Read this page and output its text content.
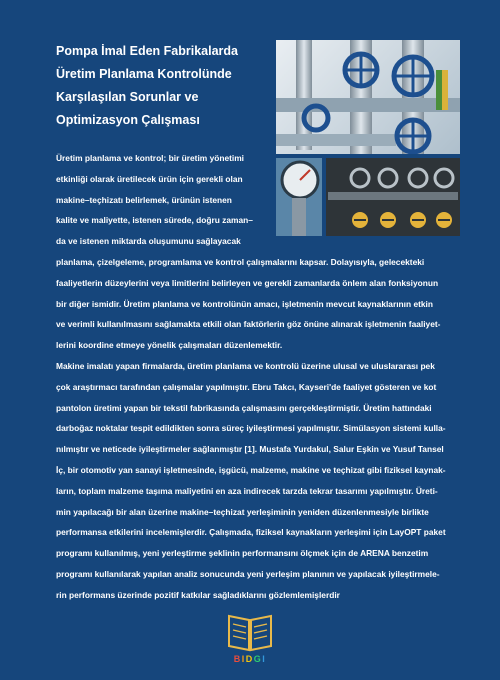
Pompa İmal Eden Fabrikalarda
Üretim Planlama Kontrolünde
Karşılaşılan Sorunlar ve
Optimizasyon Çalışması

Üretim planlama ve kontrol; bir üretim yönetimi
etkinliği olarak üretilecek ürün için gerekli olan
makine–teçhizatı belirlemek, ürünün istenen
kalite ve maliyette, istenen sürede, doğru zaman–
da ve istenen miktarda oluşumunu sağlayacak
planlama, çizelgeleme, programlama ve kontrol çalışmalarını kapsar. Dolayısıyla, gelecekteki
faaliyetlerin düzeylerini veya limitlerini belirleyen ve gerekli zamanlarda önlem alan fonksiyonun
bir diğer ismidir. Üretim planlama ve kontrolünün amacı, işletmenin mevcut kaynaklarının etkin
ve verimli kullanılmasını sağlamakta etkili olan faktörlerin göz önüne alınarak işletmenin faaliyet-
lerini koordine etmeye yönelik çalışmaları düzenlemektir.

Makine imalatı yapan firmalarda, üretim planlama ve kontrolü üzerine ulusal ve uluslararası pek
çok araştırmacı tarafından çalışmalar yapılmıştır. Ebru Takcı, Kayseri'de faaliyet gösteren ve kot
pantolon üretimi yapan bir tekstil fabrikasında çalışmasını gerçekleştirmiştir. Üretim hattındaki
darboğaz noktalar tespit edildikten sonra süreç iyileştirmesi yapılmıştır. Simülasyon sistemi kulla-
nılmıştır ve neticede iyileştirmeler sağlanmıştır [1]. Mustafa Yurdakul, Salur Eşkin ve Yusuf Tansel
İç, bir otomotiv yan sanayi işletmesinde, işgücü, malzeme, makine ve teçhizat gibi fiziksel kaynak-
ların, toplam malzeme taşıma maliyetini en aza indirecek tarzda tekrar tasarımı yapılmıştır. Üreti-
min yapılacağı bir alan üzerine makine–teçhizat yerleşiminin yeniden düzenlenmesiyle birlikte
performansa etkilerini incelemişlerdir. Çalışmada, fiziksel kaynakların yerleşimi için LayOPT paket
programı kullanılmış, yeni yerleştirme şeklinin performansını ölçmek için de ARENA benzetim
programı kullanılarak yapılan analiz sonucunda yeni yerleşim planının ve yapılacak iyileştirmele-
rin performans üzerinde pozitif katkılar sağladıklarını gözlemlemişlerdir

BIDGI
